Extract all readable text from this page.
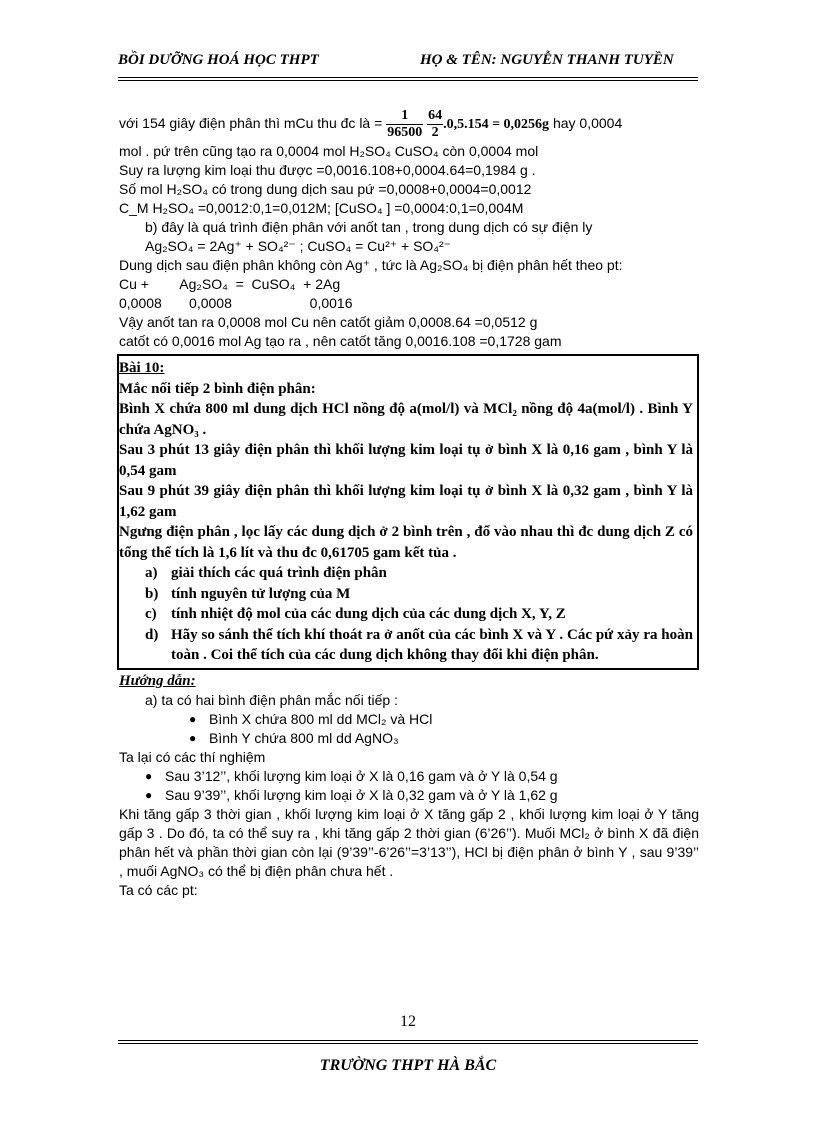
BỒI DƯỠNG HOÁ HỌC THPT	HỌ & TÊN: NGUYỄN THANH TUYỀN
với 154 giây điện phân thì mCu thu đc là = $\frac{1}{96500}$
$\frac{64}{2} .0,5.154 = 0,0256g$ hay 0,0004
mol . pứ trên cũng tạo ra 0,0004 mol H₂SO₄ CuSO₄ còn 0,0004 mol
Suy ra lượng kim loại thu được =0,0016.108+0,0004.64=0,1984 g .
Số mol H₂SO₄ có trong dung dịch sau pứ =0,0008+0,0004=0,0012
C_M H₂SO₄ =0,0012:0,1=0,012M; [CuSO₄ ] =0,0004:0,1=0,004M
b) đây là quá trình điện phân với anốt tan , trong dung dịch có sự điện ly
Ag₂SO₄ = 2Ag⁺ + SO₄²⁻ ; CuSO₄ = Cu²⁺ + SO₄²⁻
Dung dịch sau điện phân không còn Ag⁺ , tức là Ag₂SO₄ bị điện phân hết theo pt:
Cu +        Ag₂SO₄  =  CuSO₄  + 2Ag
0,0008       0,0008                    0,0016
Vậy anốt tan ra 0,0008 mol Cu nên catốt giảm 0,0008.64 =0,0512 g
catốt có 0,0016 mol Ag tạo ra , nên catốt tăng 0,0016.108 =0,1728 gam
Bài 10:
Mắc nối tiếp 2 bình điện phân:
Bình X chứa 800 ml dung dịch HCl nồng độ a(mol/l) và MCl₂ nồng độ 4a(mol/l) . Bình Y chứa AgNO₃ .
Sau 3 phút 13 giây điện phân thì khối lượng kim loại tụ ở bình X là 0,16 gam , bình Y là 0,54 gam
Sau 9 phút 39 giây điện phân thì khối lượng kim loại tụ ở bình X là 0,32 gam , bình Y là 1,62 gam
Ngưng điện phân , lọc lấy các dung dịch ở 2 bình trên , đổ vào nhau thì đc dung dịch Z có tổng thể tích là 1,6 lít và thu đc 0,61705 gam kết tủa .
a) giải thích các quá trình điện phân
b) tính nguyên tử lượng của M
c) tính nhiệt độ mol của các dung dịch của các dung dịch X, Y, Z
d) Hãy so sánh thể tích khí thoát ra ở anốt của các bình X và Y . Các pứ xảy ra hoàn toàn . Coi thể tích của các dung dịch không thay đổi khi điện phân.
Hướng dẫn:
a) ta có hai bình điện phân mắc nối tiếp :
● Bình X chứa 800 ml dd MCl₂ và HCl
● Bình Y chứa 800 ml dd AgNO₃
Ta lại có các thí nghiệm
● Sau 3’12’’, khối lượng kim loại ở X là 0,16 gam và ở Y là 0,54 g
● Sau 9’39’’, khối lượng kim loại ở X là 0,32 gam và ở Y là 1,62 g
Khi tăng gấp 3 thời gian , khối lượng kim loại ở X tăng gấp 2 , khối lượng kim loại ở Y tăng gấp 3 . Do đó, ta có thể suy ra , khi tăng gấp 2 thời gian (6’26’’). Muối MCl₂ ở bình X đã điện phân hết và phần thời gian còn lại (9’39’’-6’26’’=3’13’’), HCl bị điện phân ở bình Y , sau 9’39’’ , muối AgNO₃ có thể bị điện phân chưa hết .
Ta có các pt:
12
TRƯỜNG THPT HÀ BẮC
